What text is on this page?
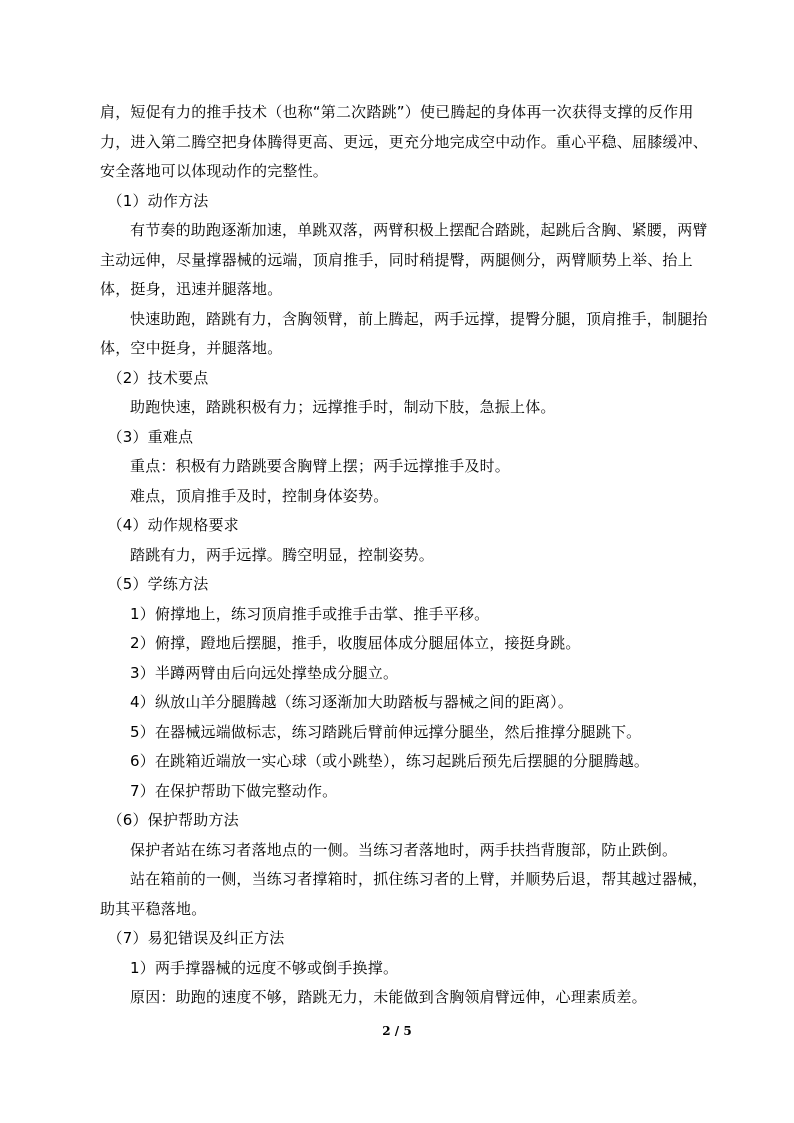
肩，短促有力的推手技术（也称“第二次踏跳”）使已腾起的身体再一次获得支撑的反作用力，进入第二腾空把身体腾得更高、更远，更充分地完成空中动作。重心平稳、屈膝缓冲、安全落地可以体现动作的完整性。

（1）动作方法

有节奏的助跑逐渐加速，单跳双落，两臂积极上摆配合踏跳，起跳后含胸、紧腰，两臂主动远伸，尽量撑器械的远端，顶肩推手，同时稍提臀，两腿侧分，两臂顺势上举、抬上体，挺身，迅速并腿落地。

快速助跑，踏跳有力，含胸领臂，前上腾起，两手远撑，提臀分腿，顶肩推手，制腿抬体，空中挺身，并腿落地。

（2）技术要点

助跑快速，踏跳积极有力；远撑推手时，制动下肢，急振上体。

（3）重难点

重点：积极有力踏跳要含胸臂上摆；两手远撑推手及时。

难点，顶肩推手及时，控制身体姿势。

（4）动作规格要求

踏跳有力，两手远撑。腾空明显，控制姿势。

（5）学练方法

1）俯撑地上，练习顶肩推手或推手击掌、推手平移。

2）俯撑，蹬地后摆腿，推手，收腹屈体成分腿屈体立，接挺身跳。

3）半蹲两臂由后向远处撑垫成分腿立。

4）纵放山羊分腿腾越（练习逐渐加大助踏板与器械之间的距离）。

5）在器械远端做标志，练习踏跳后臂前伸远撑分腿坐，然后推撑分腿跳下。

6）在跳箱近端放一实心球（或小跳垫），练习起跳后预先后摆腿的分腿腾越。

7）在保护帮助下做完整动作。

（6）保护帮助方法

保护者站在练习者落地点的一侧。当练习者落地时，两手扶挡背腹部，防止跌倒。

站在箱前的一侧，当练习者撑箱时，抓住练习者的上臂，并顺势后退，帮其越过器械，助其平稳落地。

（7）易犯错误及纠正方法

1）两手撑器械的远度不够或倒手换撑。

原因：助跑的速度不够，踏跳无力，未能做到含胸领肩臂远伸，心理素质差。

2 / 5
